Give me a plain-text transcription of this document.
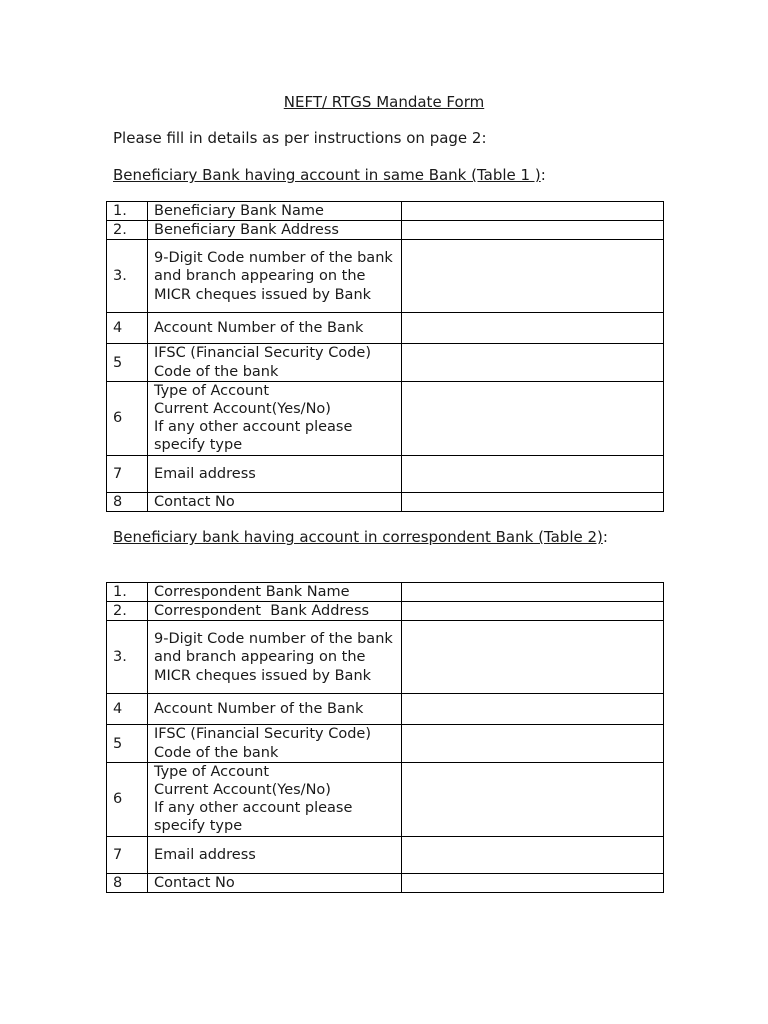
NEFT/ RTGS Mandate Form
Please fill in details as per instructions on page 2:
Beneficiary Bank having account in same Bank (Table 1 ):
1.	Beneficiary Bank Name	
2.	Beneficiary Bank Address	
3.	9-Digit Code number of the bank and branch appearing on the MICR cheques issued by Bank	
4	Account Number of the Bank	
5	IFSC (Financial Security Code) Code of the bank	
6	Type of Account
Current Account(Yes/No)
If any other account please specify type	

7	Email address	
8	Contact No	
Beneficiary bank having account in correspondent Bank (Table 2):
1.	Correspondent Bank Name	
2.	Correspondent  Bank Address	
3.	9-Digit Code number of the bank and branch appearing on the MICR cheques issued by Bank	
4	Account Number of the Bank	
5	IFSC (Financial Security Code) Code of the bank	
6	Type of Account
Current Account(Yes/No)
If any other account please specify type	

7	Email address	
8	Contact No	
